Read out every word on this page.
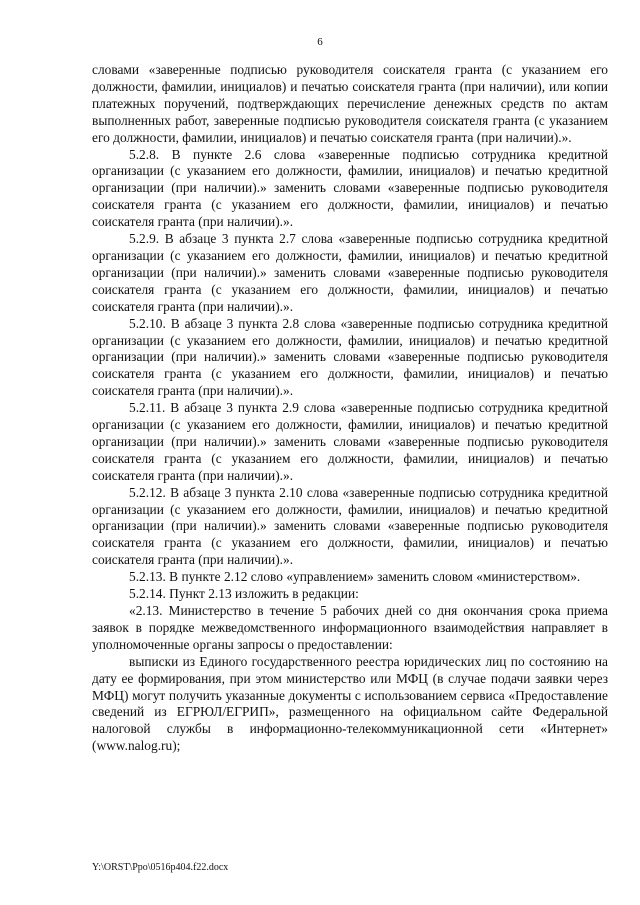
6

словами «заверенные подписью руководителя соискателя гранта (с указанием его должности, фамилии, инициалов) и печатью соискателя гранта (при наличии), или копии платежных поручений, подтверждающих перечисление денежных средств по актам выполненных работ, заверенные подписью руководителя соискателя гранта (с указанием его должности, фамилии, инициалов) и печатью соискателя гранта (при наличии).».

5.2.8. В пункте 2.6 слова «заверенные подписью сотрудника кредитной организации (с указанием его должности, фамилии, инициалов) и печатью кредитной организации (при наличии).» заменить словами «заверенные подписью руководителя соискателя гранта (с указанием его должности, фамилии, инициалов) и печатью соискателя гранта (при наличии).».

5.2.9. В абзаце 3 пункта 2.7 слова «заверенные подписью сотрудника кредитной организации (с указанием его должности, фамилии, инициалов) и печатью кредитной организации (при наличии).» заменить словами «заверенные подписью руководителя соискателя гранта (с указанием его должности, фамилии, инициалов) и печатью соискателя гранта (при наличии).».

5.2.10. В абзаце 3 пункта 2.8 слова «заверенные подписью сотрудника кредитной организации (с указанием его должности, фамилии, инициалов) и печатью кредитной организации (при наличии).» заменить словами «заверенные подписью руководителя соискателя гранта (с указанием его должности, фамилии, инициалов) и печатью соискателя гранта (при наличии).».

5.2.11. В абзаце 3 пункта 2.9 слова «заверенные подписью сотрудника кредитной организации (с указанием его должности, фамилии, инициалов) и печатью кредитной организации (при наличии).» заменить словами «заверенные подписью руководителя соискателя гранта (с указанием его должности, фамилии, инициалов) и печатью соискателя гранта (при наличии).».

5.2.12. В абзаце 3 пункта 2.10 слова «заверенные подписью сотрудника кредитной организации (с указанием его должности, фамилии, инициалов) и печатью кредитной организации (при наличии).» заменить словами «заверенные подписью руководителя соискателя гранта (с указанием его должности, фамилии, инициалов) и печатью соискателя гранта (при наличии).».

5.2.13. В пункте 2.12 слово «управлением» заменить словом «министерством».

5.2.14. Пункт 2.13 изложить в редакции:

«2.13. Министерство в течение 5 рабочих дней со дня окончания срока приема заявок в порядке межведомственного информационного взаимодействия направляет в уполномоченные органы запросы о предоставлении:

выписки из Единого государственного реестра юридических лиц по состоянию на дату ее формирования, при этом министерство или МФЦ (в случае подачи заявки через МФЦ) могут получить указанные документы с использованием сервиса «Предоставление сведений из ЕГРЮЛ/ЕГРИП», размещенного на официальном сайте Федеральной налоговой службы в информационно-телекоммуникационной сети «Интернет» (www.nalog.ru);

Y:\ORST\Ppo\0516p404.f22.docx
